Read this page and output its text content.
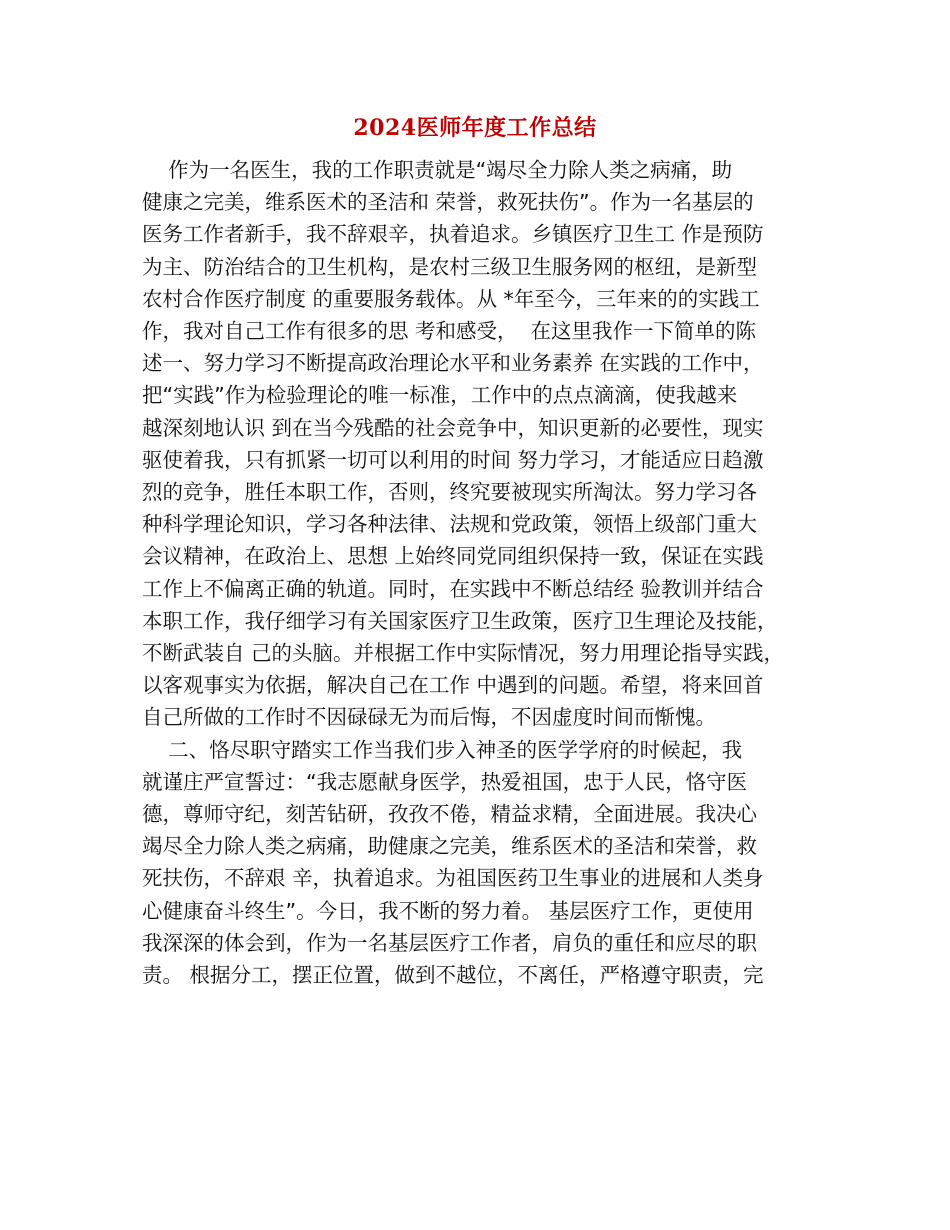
2024医师年度工作总结
作为一名医生，我的工作职责就是“竭尽全力除人类之病痛，助
健康之完美，维系医术的圣洁和 荣誉，救死扶伤”。作为一名基层的
医务工作者新手，我不辞艰辛，执着追求。乡镇医疗卫生工 作是预防
为主、防治结合的卫生机构，是农村三级卫生服务网的枢纽，是新型
农村合作医疗制度 的重要服务载体。从 *年至今，三年来的的实践工
作，我对自己工作有很多的思 考和感受，  在这里我作一下简单的陈
述一、努力学习不断提高政治理论水平和业务素养 在实践的工作中，
把“实践”作为检验理论的唯一标准，工作中的点点滴滴，使我越来
越深刻地认识 到在当今残酷的社会竞争中，知识更新的必要性，现实
驱使着我，只有抓紧一切可以利用的时间 努力学习，才能适应日趋激
烈的竞争，胜任本职工作，否则，终究要被现实所淘汰。努力学习各
种科学理论知识，学习各种法律、法规和党政策，领悟上级部门重大
会议精神，在政治上、思想 上始终同党同组织保持一致，保证在实践
工作上不偏离正确的轨道。同时，在实践中不断总结经 验教训并结合
本职工作，我仔细学习有关国家医疗卫生政策，医疗卫生理论及技能，
不断武装自 己的头脑。并根据工作中实际情况，努力用理论指导实践，
以客观事实为依据，解决自己在工作 中遇到的问题。希望，将来回首
自己所做的工作时不因碌碌无为而后悔，不因虚度时间而惭愧。
二、恪尽职守踏实工作当我们步入神圣的医学学府的时候起，我
就谨庄严宣誓过：“我志愿献身医学，热爱祖国，忠于人民，恪守医
德，尊师守纪，刻苦钻研，孜孜不倦，精益求精，全面进展。我决心
竭尽全力除人类之病痛，助健康之完美，维系医术的圣洁和荣誉，救
死扶伤，不辞艰 辛，执着追求。为祖国医药卫生事业的进展和人类身
心健康奋斗终生”。今日，我不断的努力着。 基层医疗工作，更使用
我深深的体会到，作为一名基层医疗工作者，肩负的重任和应尽的职
责。 根据分工，摆正位置，做到不越位，不离任，严格遵守职责，完
